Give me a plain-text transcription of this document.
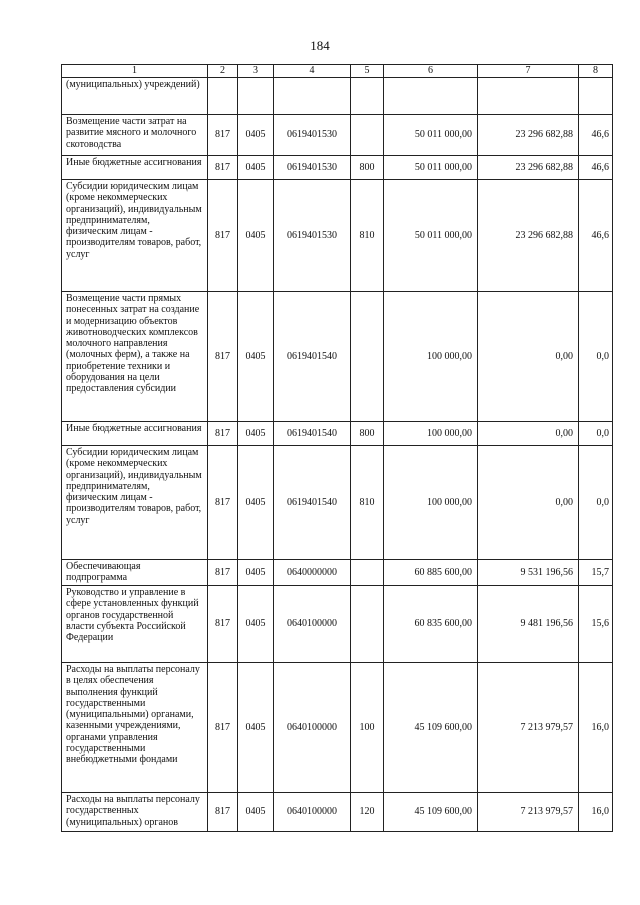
184
1	2	3	4	5	6	7	8
(муниципальных) учреждений)							
Возмещение части затрат на развитие мясного и молочного скотоводства	817	0405	0619401530		50 011 000,00	23 296 682,88	46,6
Иные бюджетные ассигнования	817	0405	0619401530	800	50 011 000,00	23 296 682,88	46,6
Субсидии юридическим лицам (кроме некоммерческих организаций), индивидуальным предпринимателям, физическим лицам - производителям товаров, работ, услуг	817	0405	0619401530	810	50 011 000,00	23 296 682,88	46,6
Возмещение части прямых понесенных затрат на создание и модернизацию объектов животноводческих комплексов молочного направления (молочных ферм), а также на приобретение техники и оборудования на цели предоставления субсидии	817	0405	0619401540		100 000,00	0,00	0,0
Иные бюджетные ассигнования	817	0405	0619401540	800	100 000,00	0,00	0,0
Субсидии юридическим лицам (кроме некоммерческих организаций), индивидуальным предпринимателям, физическим лицам - производителям товаров, работ, услуг	817	0405	0619401540	810	100 000,00	0,00	0,0
Обеспечивающая подпрограмма	817	0405	0640000000		60 885 600,00	9 531 196,56	15,7
Руководство и управление в сфере установленных функций органов государственной власти субъекта Российской Федерации	817	0405	0640100000		60 835 600,00	9 481 196,56	15,6
Расходы на выплаты персоналу в целях обеспечения выполнения функций государственными (муниципальными) органами, казенными учреждениями, органами управления государственными внебюджетными фондами	817	0405	0640100000	100	45 109 600,00	7 213 979,57	16,0
Расходы на выплаты персоналу государственных (муниципальных) органов	817	0405	0640100000	120	45 109 600,00	7 213 979,57	16,0
